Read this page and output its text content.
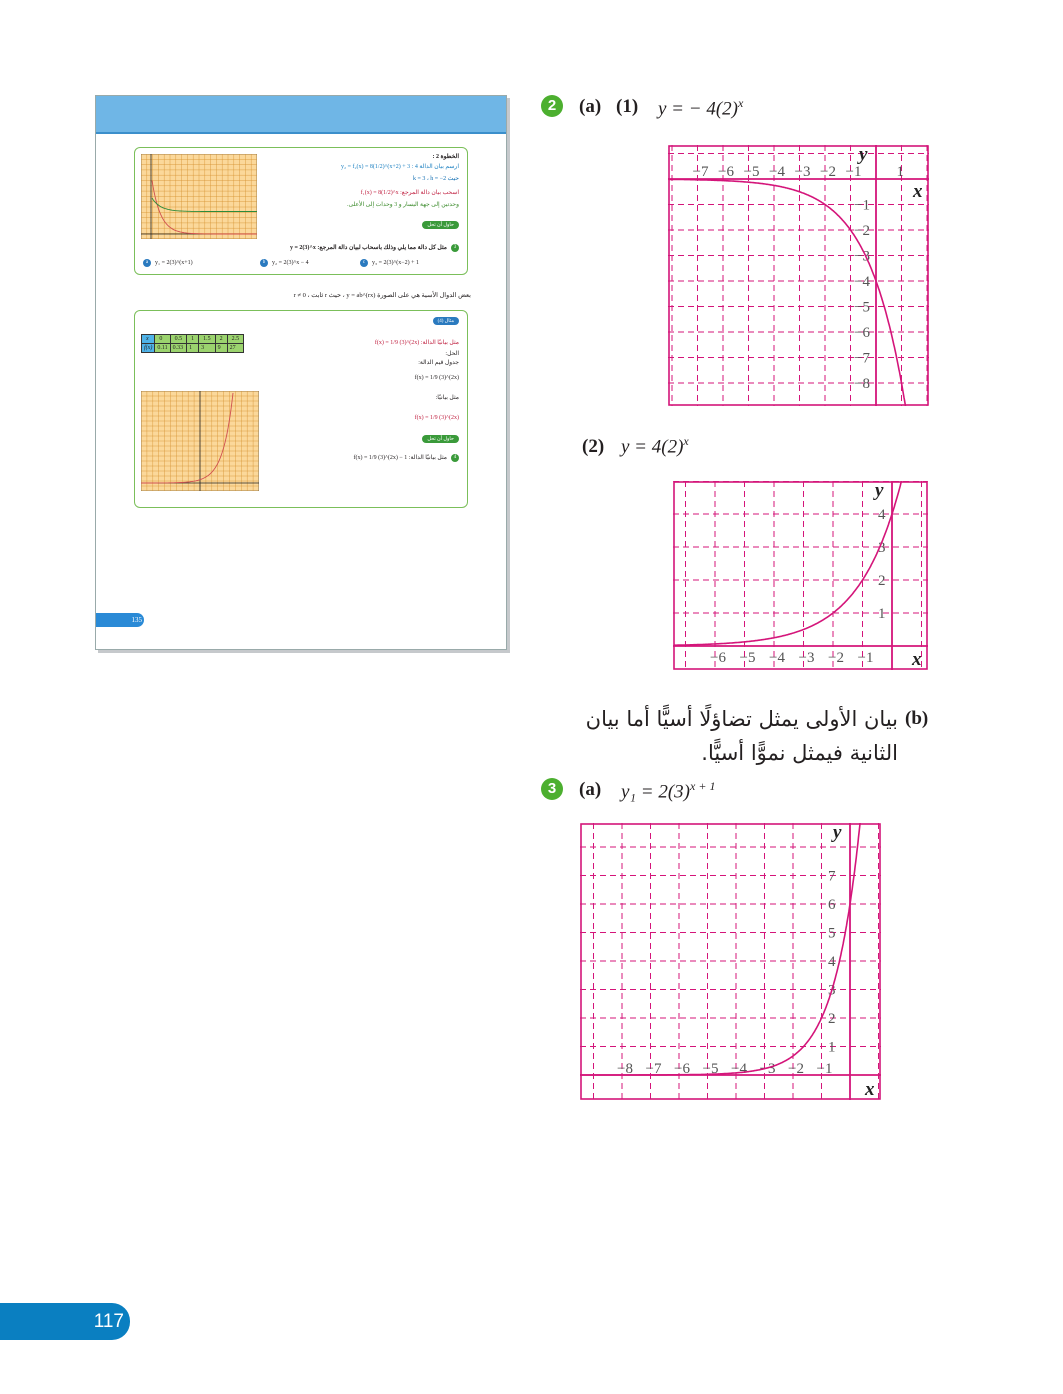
الخطوة 2 :
ارسم بيان الدالة 4 : y₂ = f₂(x) = 8(1/2)^(x+2) + 3
حيث k = 3 ، h = −2
اسحب بيان دالة المرجع: f₁(x) = 8(1/2)^x
وحدتين إلى جهة اليسار و 3 وحدات إلى الأعلى.
حاول أن تحل
3
مثل كل دالة مما يلي وذلك باسحاب لبيان دالة المرجع: y = 2(3)^x
a	y₁ = 2(3)^(x+1)	b	y₂ = 2(3)^x − 4	c	y₃ = 2(3)^(x−2) + 1
بعض الدوال الأسية هي على الصورة y = ab^(rx) ، حيث r ثابت ، r ≠ 0
مثال (4)
x	0	0.5	1	1.5	2	2.5
f(x)	0.11	0.33	1	3	9	27
مثل بيانيًا الدالة: f(x) = 1/9 (3)^(2x)
الحل:
جدول قيم الدالة:
f(x) = 1/9 (3)^(2x)
مثل بيانيًا:
f(x) = 1/9 (3)^(2x)
حاول أن تحل
4
مثل بيانيًا الدالة: f(x) = 1/9 (3)^(2x) − 1
135
2	(a) (1) y = − $4(2)^x$
−7 −6 −5 −4 −3 −2 −1 1
−1
−2
−3
−4
−5
−6
−7
−8
x
y
(2) $y = 4(2)^x$
−6 −5 −4 −3 −2 −1
1
2
3
4
x
y
(b)
بيان الأولى يمثل تضاؤلًا أسيًّا أما بيان الثانية فيمثل نموًّا أسيًّا.
3	(a) $y_1 = 2(3)^{x + 1}$
−8 −7 −6 −5 −4 −3 −2 −1
1
2
3
4
5
6
7
x
y
117
